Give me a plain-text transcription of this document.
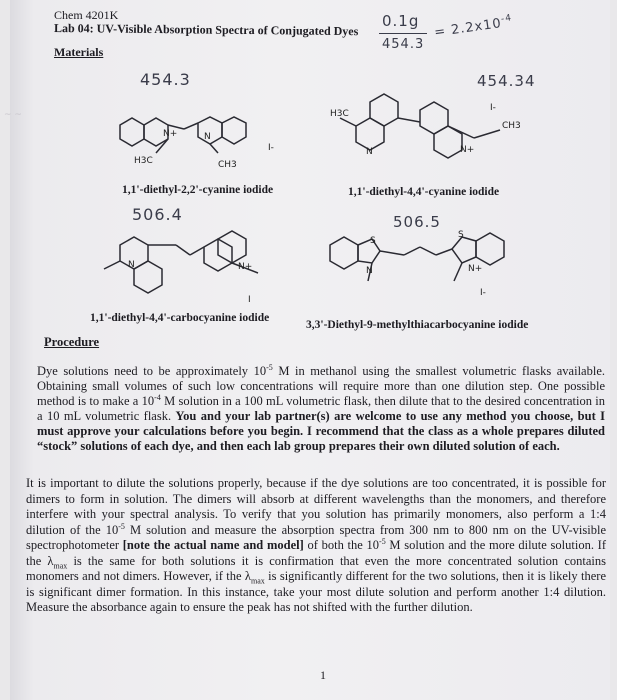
Chem 4201K
Lab 04: UV-Visible Absorption Spectra of Conjugated Dyes
Materials
0.1g
454.3
= $2.2x10^{-4}$
454.3	454.34
506.4	506.5
~ ~
N+	N
H3C	CH3
I-
1,1'-diethyl-2,2'-cyanine iodide
H3C
CH3
N	N+
I-
1,1'-diethyl-4,4'-cyanine iodide
N	N+
I
1,1'-diethyl-4,4'-carbocyanine iodide
S
S
N	N+
I-
3,3'-Diethyl-9-methylthiacarbocyanine iodide
Procedure
Dye solutions need to be approximately $10^{-5}$ M in methanol using the smallest volumetric flasks available. Obtaining small volumes of such low concentrations will require more than one dilution step. One possible method is to make a $10^{-4}$ M solution in a 100 mL volumetric flask, then dilute that to the desired concentration in a 10 mL volumetric flask. You and your lab partner(s) are welcome to use any method you choose, but I must approve your calculations before you begin. I recommend that the class as a whole prepares diluted “stock” solutions of each dye, and then each lab group prepares their own diluted solution of each.
It is important to dilute the solutions properly, because if the dye solutions are too concentrated, it is possible for dimers to form in solution. The dimers will absorb at different wavelengths than the monomers, and therefore interfere with your spectral analysis. To verify that you solution has primarily monomers, also perform a 1:4 dilution of the $10^{-5}$ M solution and measure the absorption spectra from 300 nm to 800 nm on the UV-visible spectrophotometer [note the actual name and model] of both the $10^{-5}$ M solution and the more dilute solution. If the $\lambda_{max}$ is the same for both solutions it is confirmation that even the more concentrated solution contains monomers and not dimers. However, if the $\lambda_{max}$ is significantly different for the two solutions, then it is likely there is significant dimer formation. In this instance, take your most dilute solution and perform another 1:4 dilution. Measure the absorbance again to ensure the peak has not shifted with the further dilution.
1
